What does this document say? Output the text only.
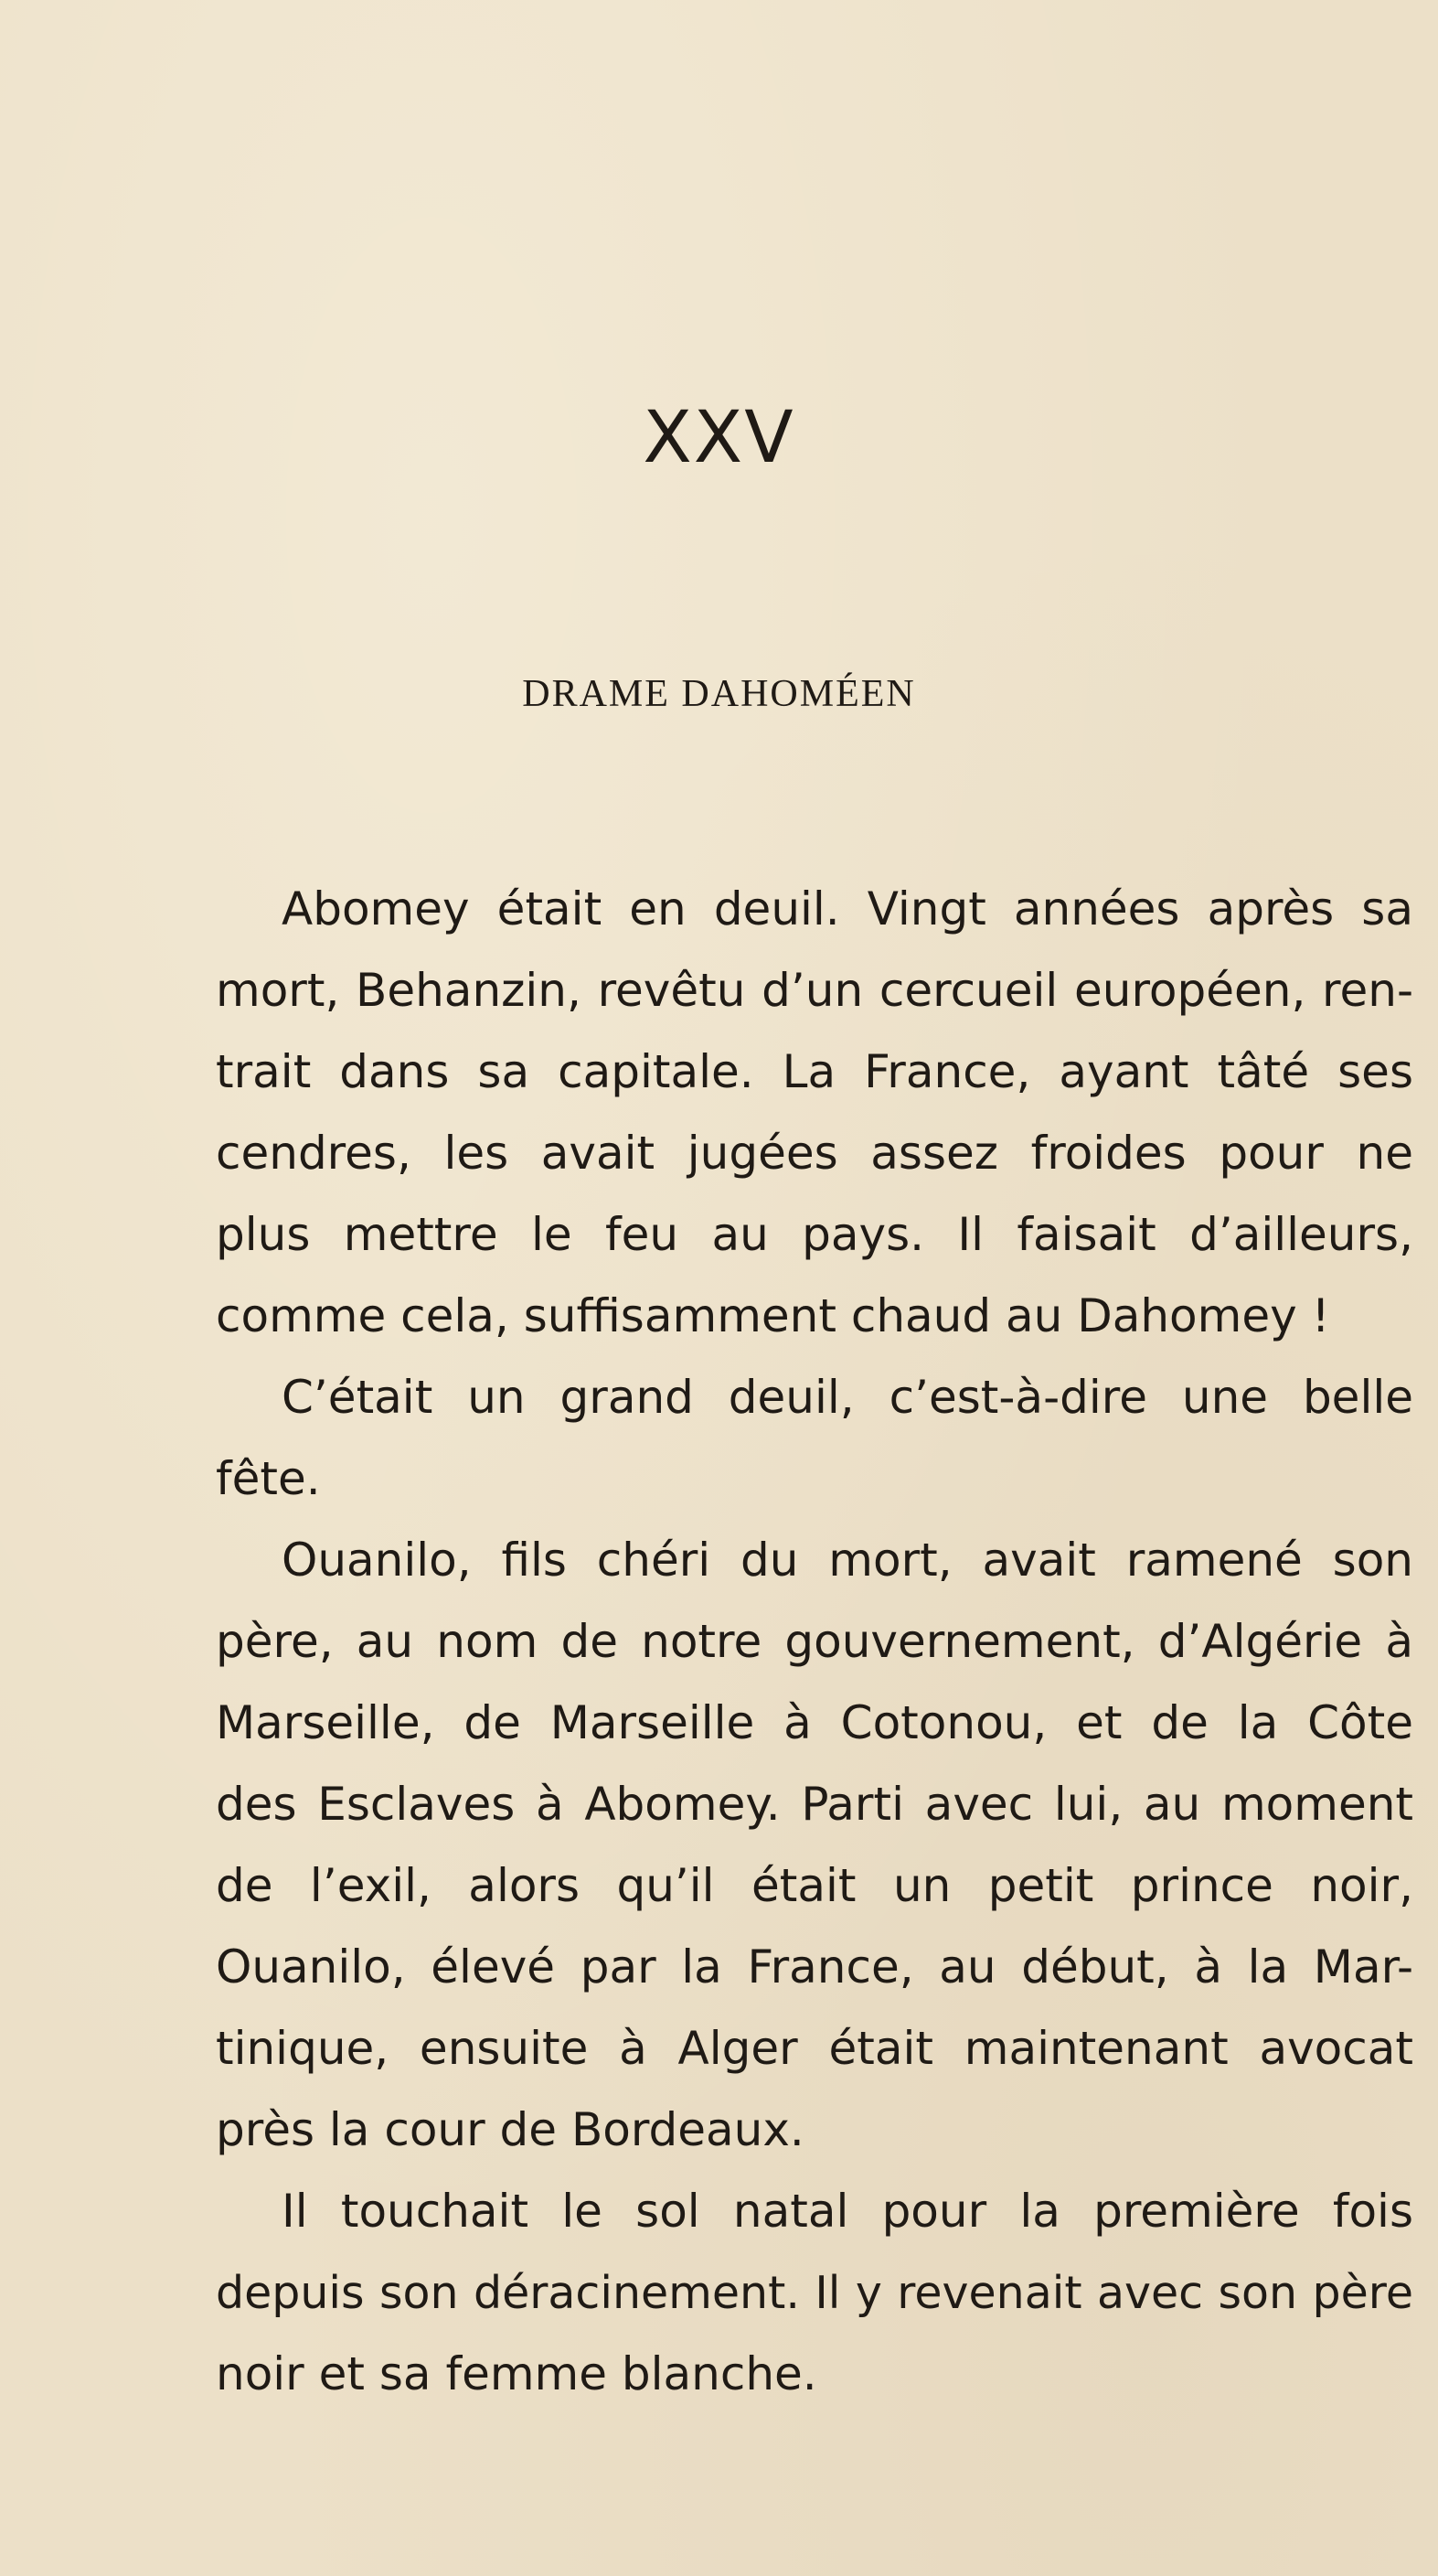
XXV
DRAME DAHOMÉEN
Abomey était en deuil. Vingt années après sa
mort, Behanzin, revêtu d’un cercueil européen, ren-
trait dans sa capitale. La France, ayant tâté ses
cendres, les avait jugées assez froides pour ne
plus mettre le feu au pays. Il faisait d’ailleurs,
comme cela, suffisamment chaud au Dahomey !
C’était un grand deuil, c’est-à-dire une belle
fête.
Ouanilo, fils chéri du mort, avait ramené son
père, au nom de notre gouvernement, d’Algérie à
Marseille, de Marseille à Cotonou, et de la Côte
des Esclaves à Abomey. Parti avec lui, au moment
de l’exil, alors qu’il était un petit prince noir,
Ouanilo, élevé par la France, au début, à la Mar-
tinique, ensuite à Alger était maintenant avocat
près la cour de Bordeaux.
Il touchait le sol natal pour la première fois
depuis son déracinement. Il y revenait avec son père
noir et sa femme blanche.
